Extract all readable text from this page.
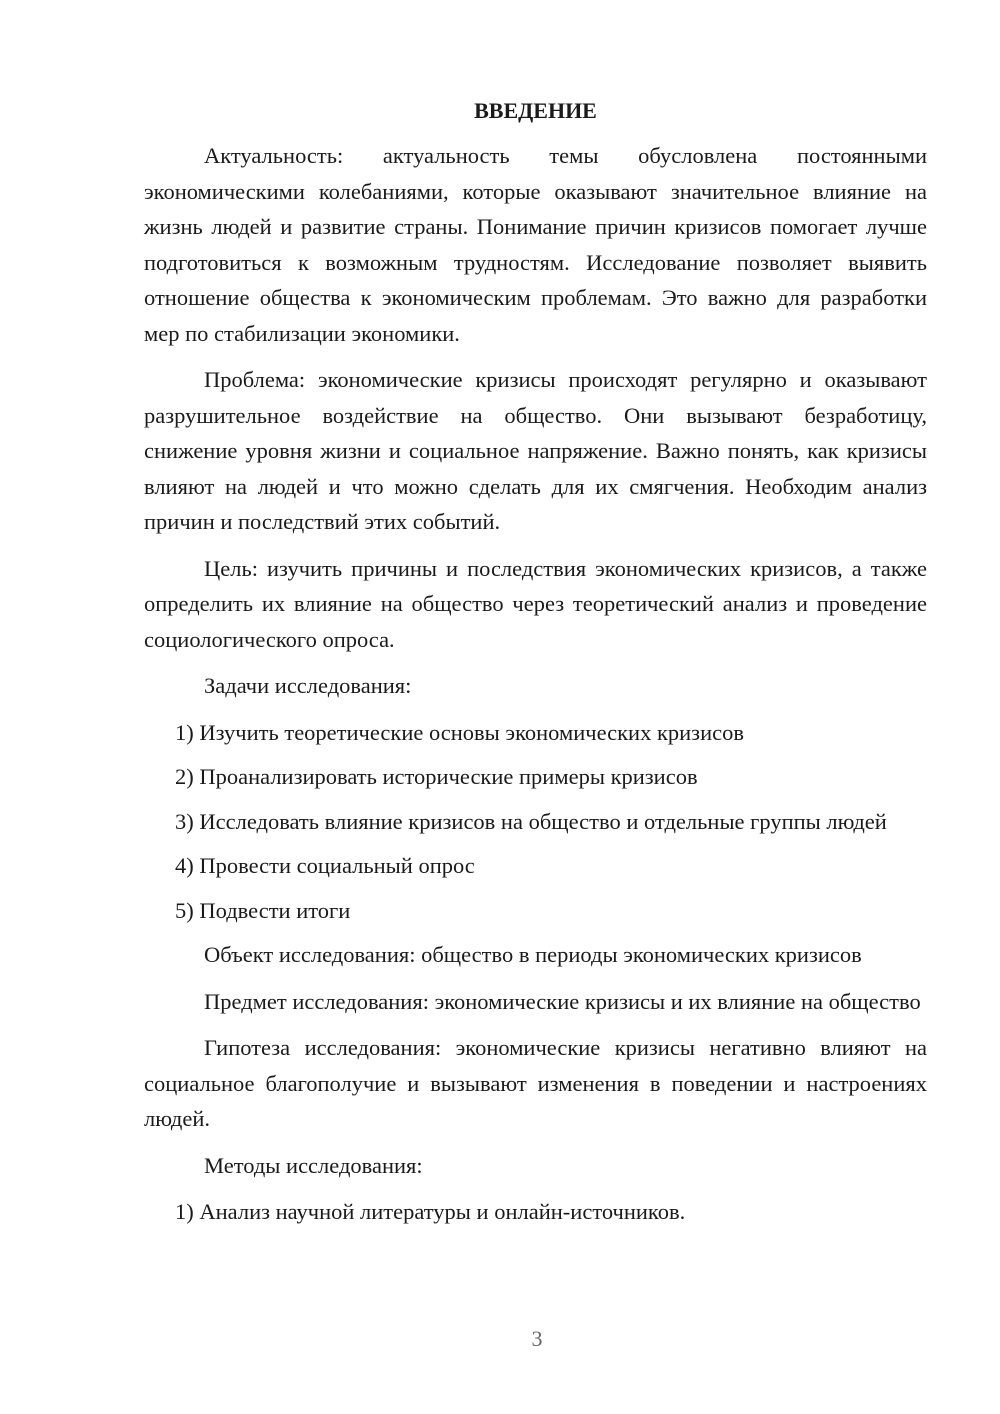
ВВЕДЕНИЕ

Актуальность: актуальность темы обусловлена постоянными экономическими колебаниями, которые оказывают значительное влияние на жизнь людей и развитие страны. Понимание причин кризисов помогает лучше подготовиться к возможным трудностям. Исследование позволяет выявить отношение общества к экономическим проблемам. Это важно для разработки мер по стабилизации экономики.

Проблема: экономические кризисы происходят регулярно и оказывают разрушительное воздействие на общество. Они вызывают безработицу, снижение уровня жизни и социальное напряжение. Важно понять, как кризисы влияют на людей и что можно сделать для их смягчения. Необходим анализ причин и последствий этих событий.

Цель: изучить причины и последствия экономических кризисов, а также определить их влияние на общество через теоретический анализ и проведение социологического опроса.

Задачи исследования:

1) Изучить теоретические основы экономических кризисов

2) Проанализировать исторические примеры кризисов

3) Исследовать влияние кризисов на общество и отдельные группы людей

4) Провести социальный опрос

5) Подвести итоги

Объект исследования: общество в периоды экономических кризисов

Предмет исследования: экономические кризисы и их влияние на общество

Гипотеза исследования: экономические кризисы негативно влияют на социальное благополучие и вызывают изменения в поведении и настроениях людей.

Методы исследования:

1) Анализ научной литературы и онлайн-источников.

3
